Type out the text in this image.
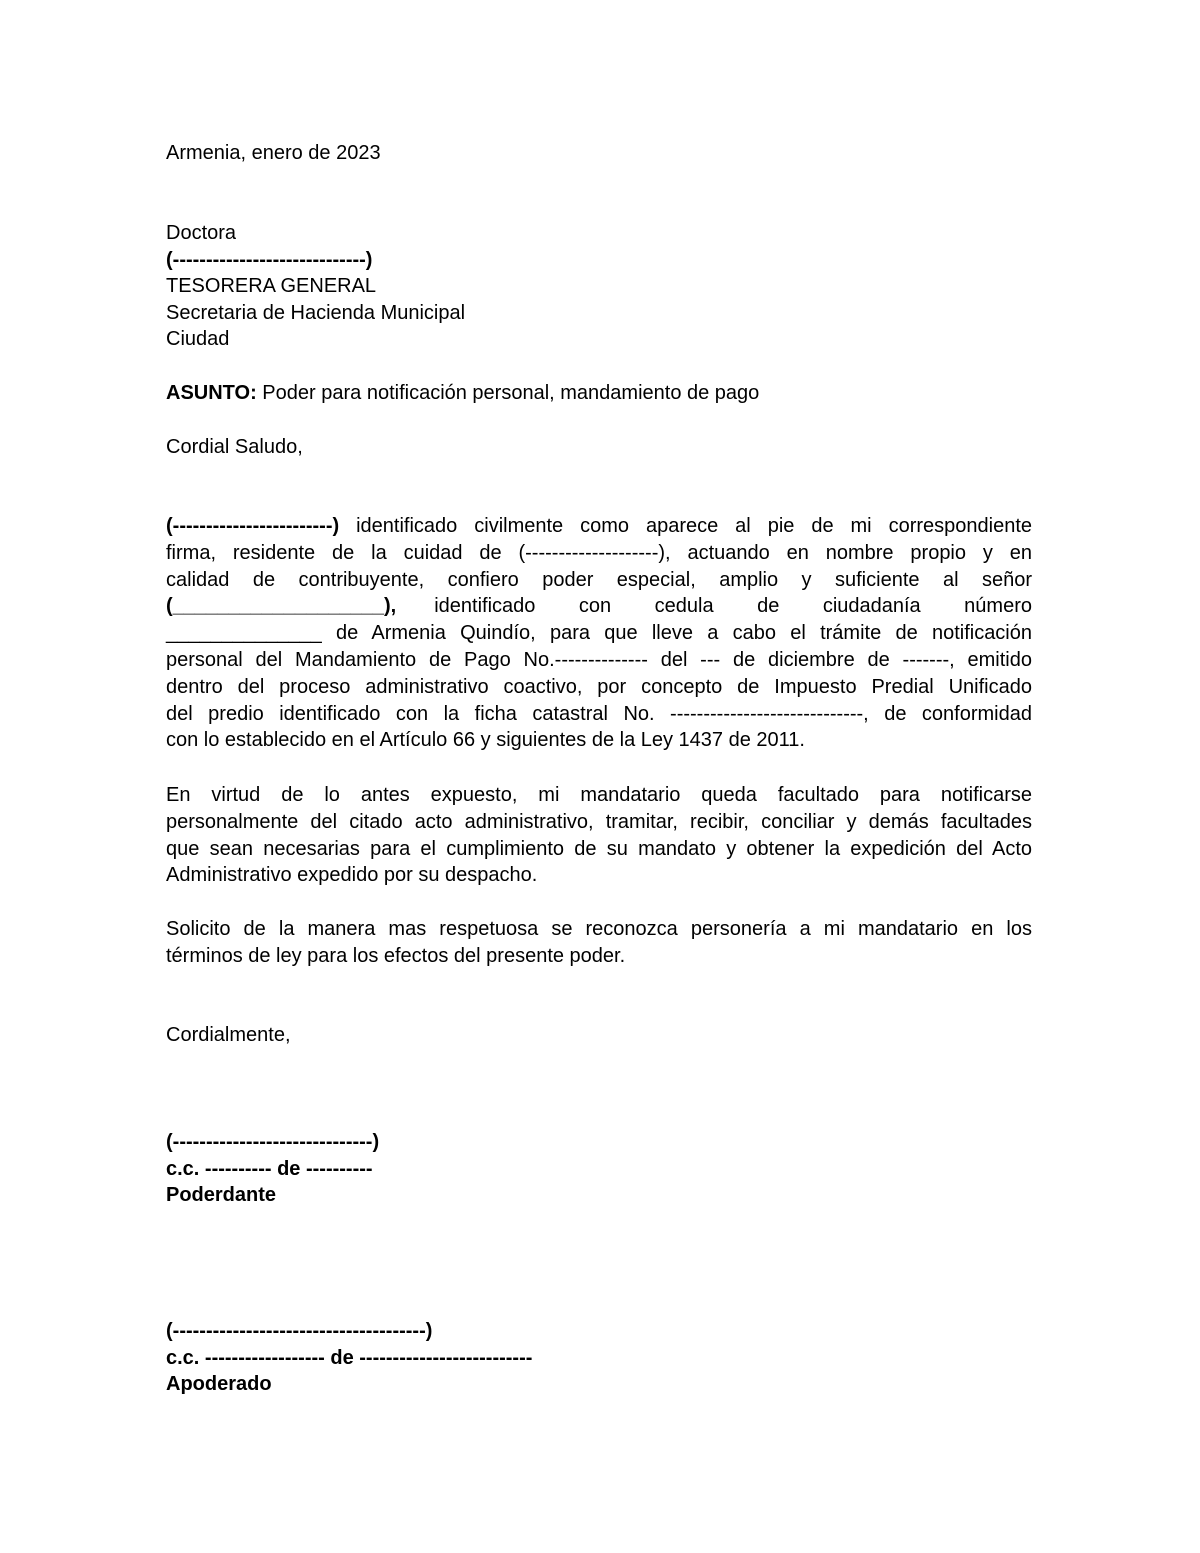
Armenia, enero de 2023
Doctora
(-----------------------------)
TESORERA GENERAL
Secretaria de Hacienda Municipal
Ciudad
ASUNTO: Poder para notificación personal, mandamiento de pago
Cordial Saludo,
(------------------------) identificado civilmente como aparece al pie de mi correspondiente
firma, residente de la cuidad de (--------------------), actuando en nombre propio y en
calidad de contribuyente, confiero poder especial, amplio y suficiente al señor
(___________________), identificado con cedula de ciudadanía número
______________ de Armenia Quindío, para que lleve a cabo el trámite de notificación
personal del Mandamiento de Pago No.-------------- del --- de diciembre de -------, emitido
dentro del proceso administrativo coactivo, por concepto de Impuesto Predial Unificado
del predio identificado con la ficha catastral No. -----------------------------, de conformidad
con lo establecido en el Artículo 66 y siguientes de la Ley 1437 de 2011.
En virtud de lo antes expuesto, mi mandatario queda facultado para notificarse
personalmente del citado acto administrativo, tramitar, recibir, conciliar y demás facultades
que sean necesarias para el cumplimiento de su mandato y obtener la expedición del Acto
Administrativo expedido por su despacho.
Solicito de la manera mas respetuosa se reconozca personería a mi mandatario en los
términos de ley para los efectos del presente poder.
Cordialmente,
(------------------------------)
c.c. ---------- de ----------
Poderdante
(--------------------------------------)
c.c. ------------------ de --------------------------
Apoderado
